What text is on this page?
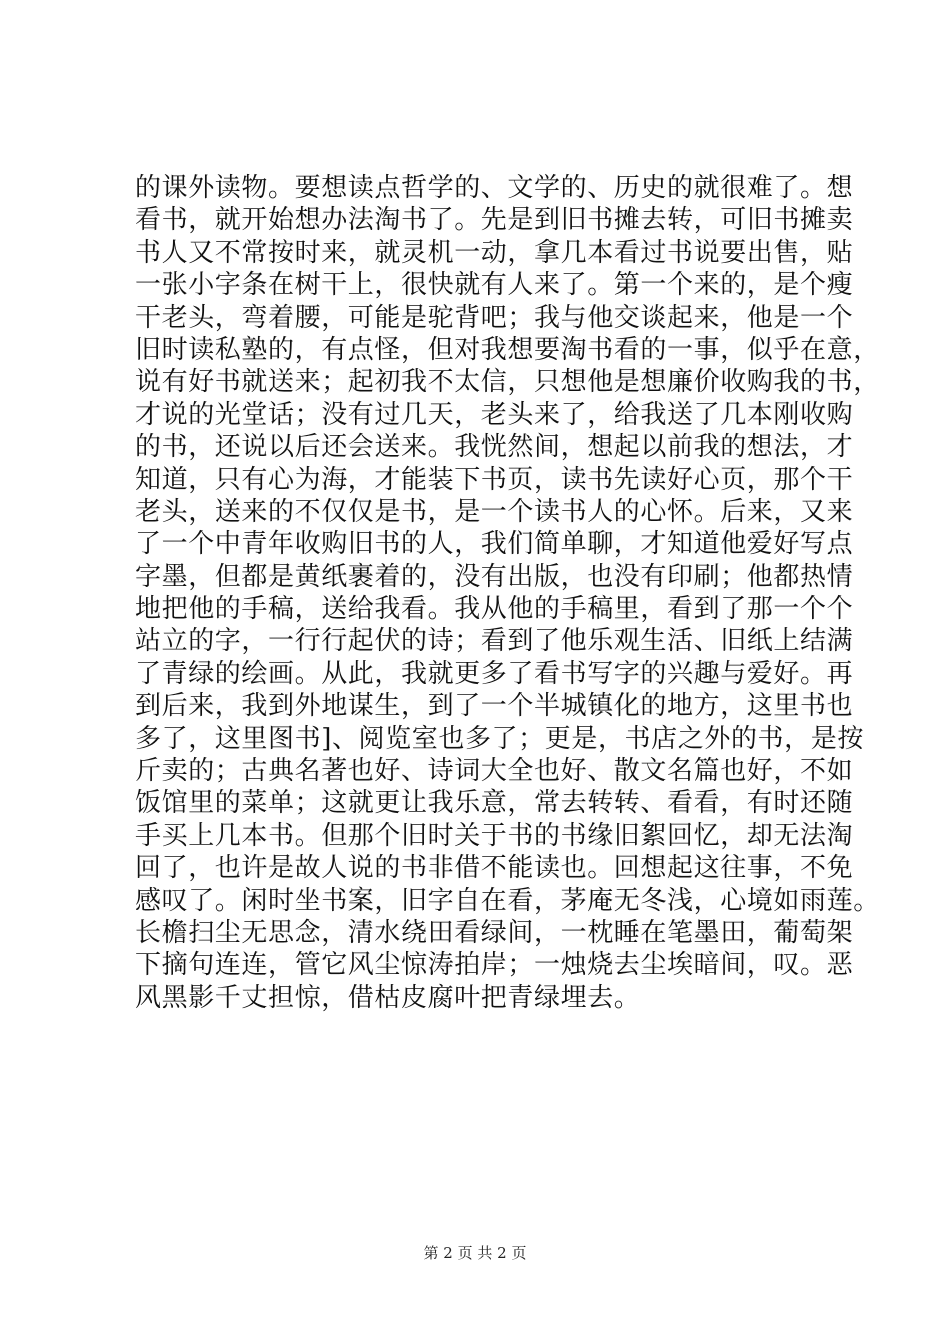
的课外读物。要想读点哲学的、文学的、历史的就很难了。想
看书，就开始想办法淘书了。先是到旧书摊去转，可旧书摊卖
书人又不常按时来，就灵机一动，拿几本看过书说要出售，贴
一张小字条在树干上，很快就有人来了。第一个来的，是个瘦
干老头，弯着腰，可能是驼背吧；我与他交谈起来，他是一个
旧时读私塾的，有点怪，但对我想要淘书看的一事，似乎在意，
说有好书就送来；起初我不太信，只想他是想廉价收购我的书，
才说的光堂话；没有过几天，老头来了，给我送了几本刚收购
的书，还说以后还会送来。我恍然间，想起以前我的想法，才
知道，只有心为海，才能装下书页，读书先读好心页，那个干
老头，送来的不仅仅是书，是一个读书人的心怀。后来，又来
了一个中青年收购旧书的人，我们简单聊，才知道他爱好写点
字墨，但都是黄纸裹着的，没有出版，也没有印刷；他都热情
地把他的手稿，送给我看。我从他的手稿里，看到了那一个个
站立的字，一行行起伏的诗；看到了他乐观生活、旧纸上结满
了青绿的绘画。从此，我就更多了看书写字的兴趣与爱好。再
到后来，我到外地谋生，到了一个半城镇化的地方，这里书也
多了，这里图书]、阅览室也多了；更是，书店之外的书，是按
斤卖的；古典名著也好、诗词大全也好、散文名篇也好，不如
饭馆里的菜单；这就更让我乐意，常去转转、看看，有时还随
手买上几本书。但那个旧时关于书的书缘旧絮回忆，却无法淘
回了，也许是故人说的书非借不能读也。回想起这往事，不免
感叹了。闲时坐书案，旧字自在看，茅庵无冬浅，心境如雨莲。
长檐扫尘无思念，清水绕田看绿间，一枕睡在笔墨田，葡萄架
下摘句连连，管它风尘惊涛拍岸；一烛烧去尘埃暗间，叹。恶
风黑影千丈担惊，借枯皮腐叶把青绿埋去。
第 2 页 共 2 页
